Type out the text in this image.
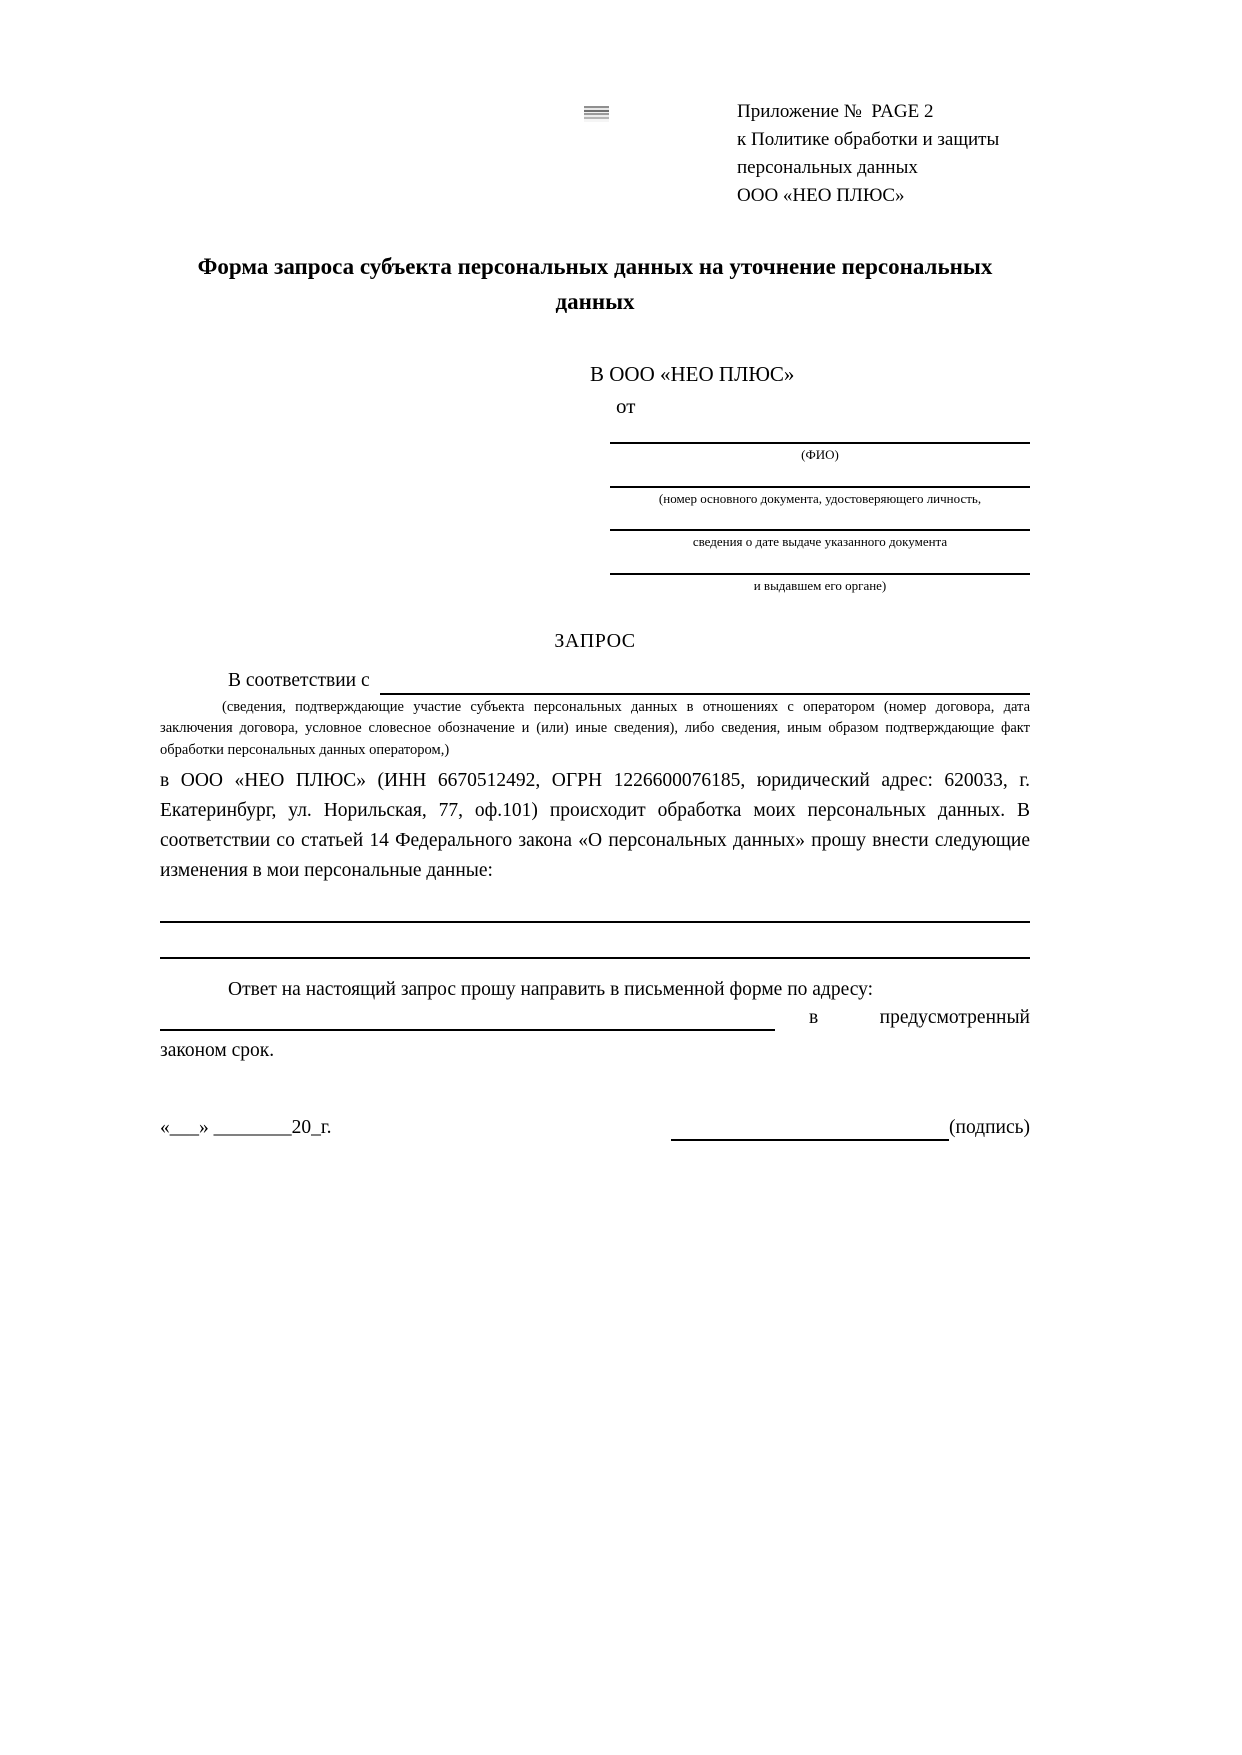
Приложение №  PAGE 2
к Политике обработки и защиты
персональных данных
ООО «НЕО ПЛЮС»
Форма запроса субъекта персональных данных на уточнение персональных данных
В ООО «НЕО ПЛЮС»
от
(ФИО)
(номер основного документа, удостоверяющего личность,
сведения о дате выдаче указанного документа
и выдавшем его органе)
ЗАПРОС
В соответствии с
(сведения, подтверждающие участие субъекта персональных данных в отношениях с оператором (номер договора, дата заключения договора, условное словесное обозначение и (или) иные сведения), либо сведения, иным образом подтверждающие факт обработки персональных данных оператором,)
в ООО «НЕО ПЛЮС» (ИНН 6670512492, ОГРН 1226600076185, юридический адрес: 620033, г. Екатеринбург, ул. Норильская, 77, оф.101) происходит обработка моих персональных данных. В соответствии со статьей 14 Федерального закона «О персональных данных» прошу внести следующие изменения в мои персональные данные:
Ответ на настоящий запрос прошу направить в письменной форме по адресу:
в	предусмотренный
законом срок.
«___» ________20_г.	(подпись)
